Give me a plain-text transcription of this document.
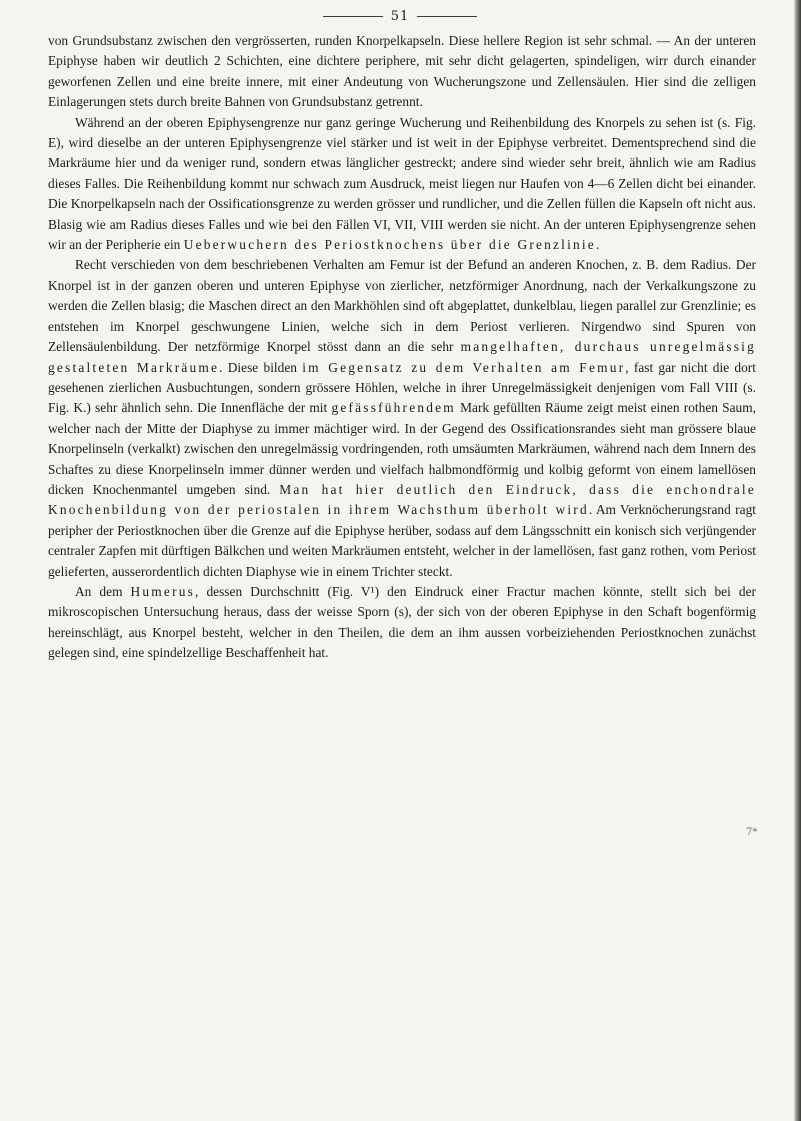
51

von Grundsubstanz zwischen den vergrösserten, runden Knorpelkapseln. Diese hellere Region ist sehr schmal. — An der unteren Epiphyse haben wir deutlich 2 Schichten, eine dichtere periphere, mit sehr dicht gelagerten, spindeligen, wirr durch einander geworfenen Zellen und eine breite innere, mit einer Andeutung von Wucherungszone und Zellensäulen. Hier sind die zelligen Einlagerungen stets durch breite Bahnen von Grundsubstanz getrennt.

Während an der oberen Epiphysengrenze nur ganz geringe Wucherung und Reihenbildung des Knorpels zu sehen ist (s. Fig. E), wird dieselbe an der unteren Epiphysengrenze viel stärker und ist weit in der Epiphyse verbreitet. Dementsprechend sind die Markräume hier und da weniger rund, sondern etwas länglicher gestreckt; andere sind wieder sehr breit, ähnlich wie am Radius dieses Falles. Die Reihenbildung kommt nur schwach zum Ausdruck, meist liegen nur Haufen von 4—6 Zellen dicht bei einander. Die Knorpelkapseln nach der Ossificationsgrenze zu werden grösser und rundlicher, und die Zellen füllen die Kapseln oft nicht aus. Blasig wie am Radius dieses Falles und wie bei den Fällen VI, VII, VIII werden sie nicht. An der unteren Epiphysengrenze sehen wir an der Peripherie ein Ueberwuchern des Periostknochens über die Grenzlinie.

Recht verschieden von dem beschriebenen Verhalten am Femur ist der Befund an anderen Knochen, z. B. dem Radius. Der Knorpel ist in der ganzen oberen und unteren Epiphyse von zierlicher, netzförmiger Anordnung, nach der Verkalkungszone zu werden die Zellen blasig; die Maschen direct an den Markhöhlen sind oft abgeplattet, dunkelblau, liegen parallel zur Grenzlinie; es entstehen im Knorpel geschwungene Linien, welche sich in dem Periost verlieren. Nirgendwo sind Spuren von Zellensäulenbildung. Der netzförmige Knorpel stösst dann an die sehr mangelhaften, durchaus unregelmässig gestalteten Markräume. Diese bilden im Gegensatz zu dem Verhalten am Femur, fast gar nicht die dort gesehenen zierlichen Ausbuchtungen, sondern grössere Höhlen, welche in ihrer Unregelmässigkeit denjenigen vom Fall VIII (s. Fig. K.) sehr ähnlich sehn. Die Innenfläche der mit gefässführendem Mark gefüllten Räume zeigt meist einen rothen Saum, welcher nach der Mitte der Diaphyse zu immer mächtiger wird. In der Gegend des Ossificationsrandes sieht man grössere blaue Knorpelinseln (verkalkt) zwischen den unregelmässig vordringenden, roth umsäumten Markräumen, während nach dem Innern des Schaftes zu diese Knorpelinseln immer dünner werden und vielfach halbmondförmig und kolbig geformt von einem lamellösen dicken Knochenmantel umgeben sind. Man hat hier deutlich den Eindruck, dass die enchondrale Knochenbildung von der periostalen in ihrem Wachsthum überholt wird. Am Verknöcherungsrand ragt peripher der Periostknochen über die Grenze auf die Epiphyse herüber, sodass auf dem Längsschnitt ein konisch sich verjüngender centraler Zapfen mit dürftigen Bälkchen und weiten Markräumen entsteht, welcher in der lamellösen, fast ganz rothen, vom Periost gelieferten, ausserordentlich dichten Diaphyse wie in einem Trichter steckt.

An dem Humerus, dessen Durchschnitt (Fig. V¹) den Eindruck einer Fractur machen könnte, stellt sich bei der mikroscopischen Untersuchung heraus, dass der weisse Sporn (s), der sich von der oberen Epiphyse in den Schaft bogenförmig hereinschlägt, aus Knorpel besteht, welcher in den Theilen, die dem an ihm aussen vorbeiziehenden Periostknochen zunächst gelegen sind, eine spindelzellige Beschaffenheit hat.

7*
